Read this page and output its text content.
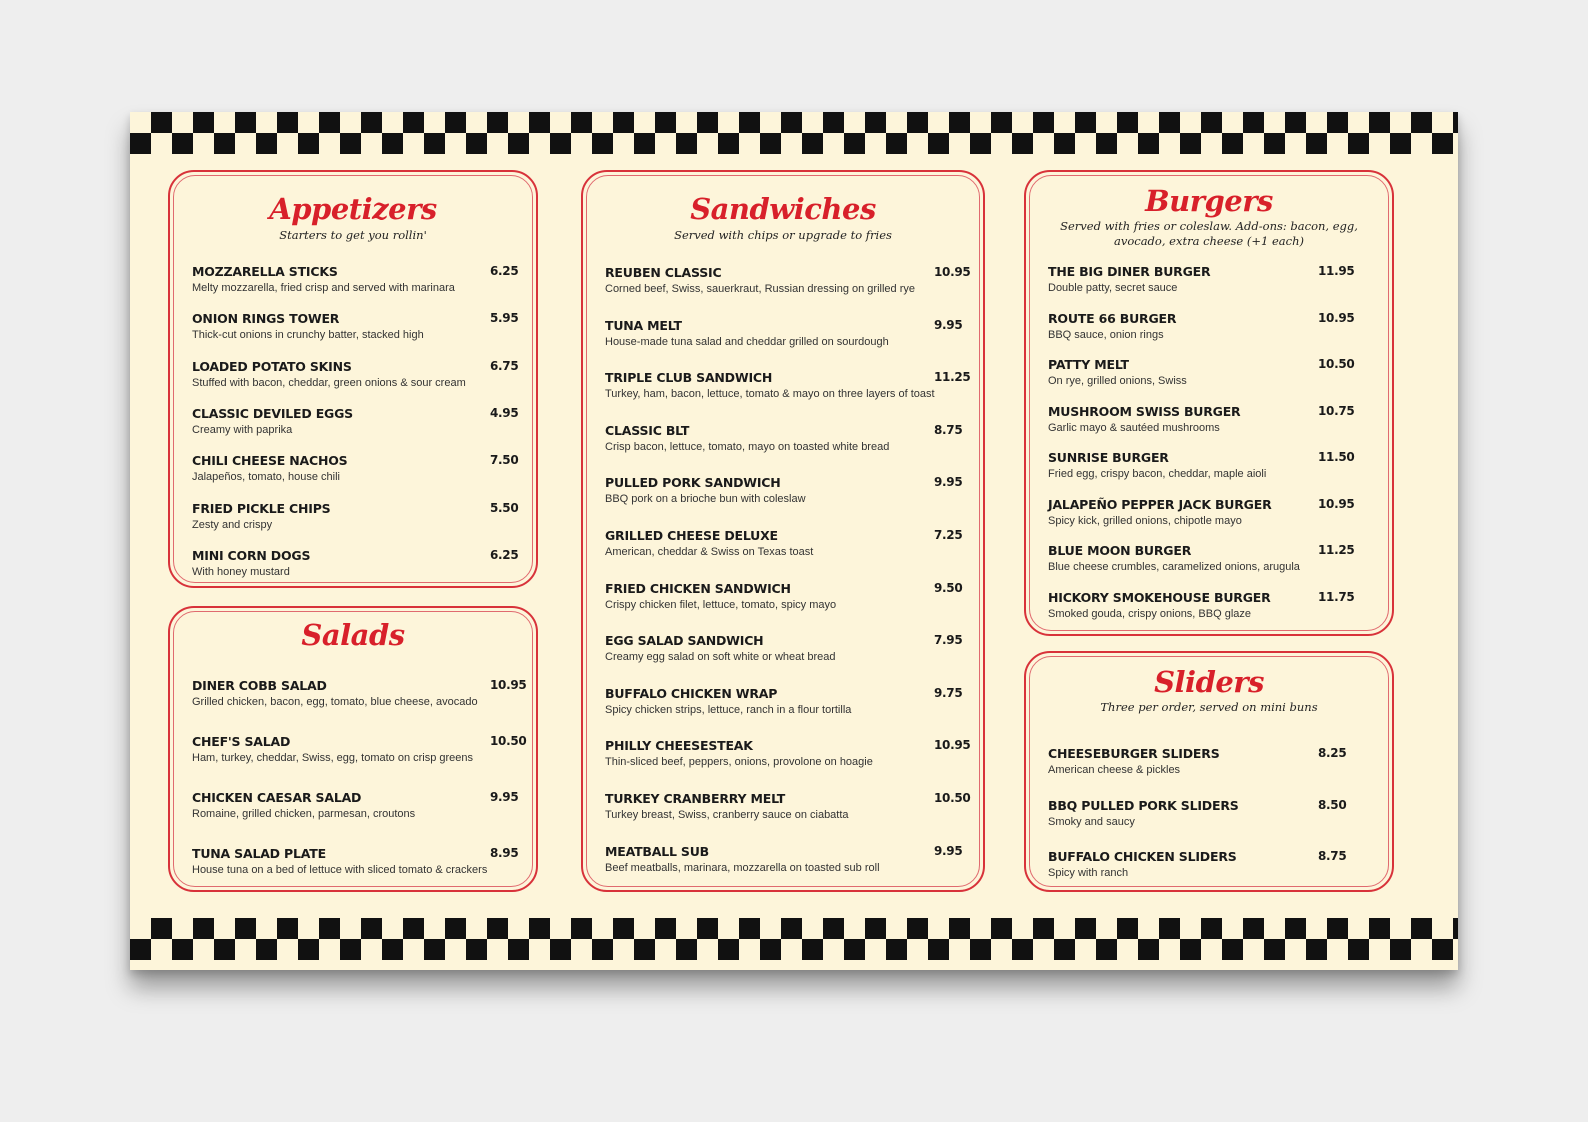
Appetizers
Starters to get you rollin'
MOZZARELLA STICKS
Melty mozzarella, fried crisp and served with marinara
6.25
ONION RINGS TOWER
Thick-cut onions in crunchy batter, stacked high
5.95
LOADED POTATO SKINS
Stuffed with bacon, cheddar, green onions & sour cream
6.75
CLASSIC DEVILED EGGS
Creamy with paprika
4.95
CHILI CHEESE NACHOS
Jalapeños, tomato, house chili
7.50
FRIED PICKLE CHIPS
Zesty and crispy
5.50
MINI CORN DOGS
With honey mustard
6.25
Salads
DINER COBB SALAD
Grilled chicken, bacon, egg, tomato, blue cheese, avocado
10.95
CHEF'S SALAD
Ham, turkey, cheddar, Swiss, egg, tomato on crisp greens
10.50
CHICKEN CAESAR SALAD
Romaine, grilled chicken, parmesan, croutons
9.95
TUNA SALAD PLATE
House tuna on a bed of lettuce with sliced tomato & crackers
8.95
Sandwiches
Served with chips or upgrade to fries
REUBEN CLASSIC
Corned beef, Swiss, sauerkraut, Russian dressing on grilled rye
10.95
TUNA MELT
House-made tuna salad and cheddar grilled on sourdough
9.95
TRIPLE CLUB SANDWICH
Turkey, ham, bacon, lettuce, tomato & mayo on three layers of toast
11.25
CLASSIC BLT
Crisp bacon, lettuce, tomato, mayo on toasted white bread
8.75
PULLED PORK SANDWICH
BBQ pork on a brioche bun with coleslaw
9.95
GRILLED CHEESE DELUXE
American, cheddar & Swiss on Texas toast
7.25
FRIED CHICKEN SANDWICH
Crispy chicken filet, lettuce, tomato, spicy mayo
9.50
EGG SALAD SANDWICH
Creamy egg salad on soft white or wheat bread
7.95
BUFFALO CHICKEN WRAP
Spicy chicken strips, lettuce, ranch in a flour tortilla
9.75
PHILLY CHEESESTEAK
Thin-sliced beef, peppers, onions, provolone on hoagie
10.95
TURKEY CRANBERRY MELT
Turkey breast, Swiss, cranberry sauce on ciabatta
10.50
MEATBALL SUB
Beef meatballs, marinara, mozzarella on toasted sub roll
9.95
Burgers
Served with fries or coleslaw. Add-ons: bacon, egg,
avocado, extra cheese (+1 each)
THE BIG DINER BURGER
Double patty, secret sauce
11.95
ROUTE 66 BURGER
BBQ sauce, onion rings
10.95
PATTY MELT
On rye, grilled onions, Swiss
10.50
MUSHROOM SWISS BURGER
Garlic mayo & sautéed mushrooms
10.75
SUNRISE BURGER
Fried egg, crispy bacon, cheddar, maple aioli
11.50
JALAPEÑO PEPPER JACK BURGER
Spicy kick, grilled onions, chipotle mayo
10.95
BLUE MOON BURGER
Blue cheese crumbles, caramelized onions, arugula
11.25
HICKORY SMOKEHOUSE BURGER
Smoked gouda, crispy onions, BBQ glaze
11.75
Sliders
Three per order, served on mini buns
CHEESEBURGER SLIDERS
American cheese & pickles
8.25
BBQ PULLED PORK SLIDERS
Smoky and saucy
8.50
BUFFALO CHICKEN SLIDERS
Spicy with ranch
8.75
